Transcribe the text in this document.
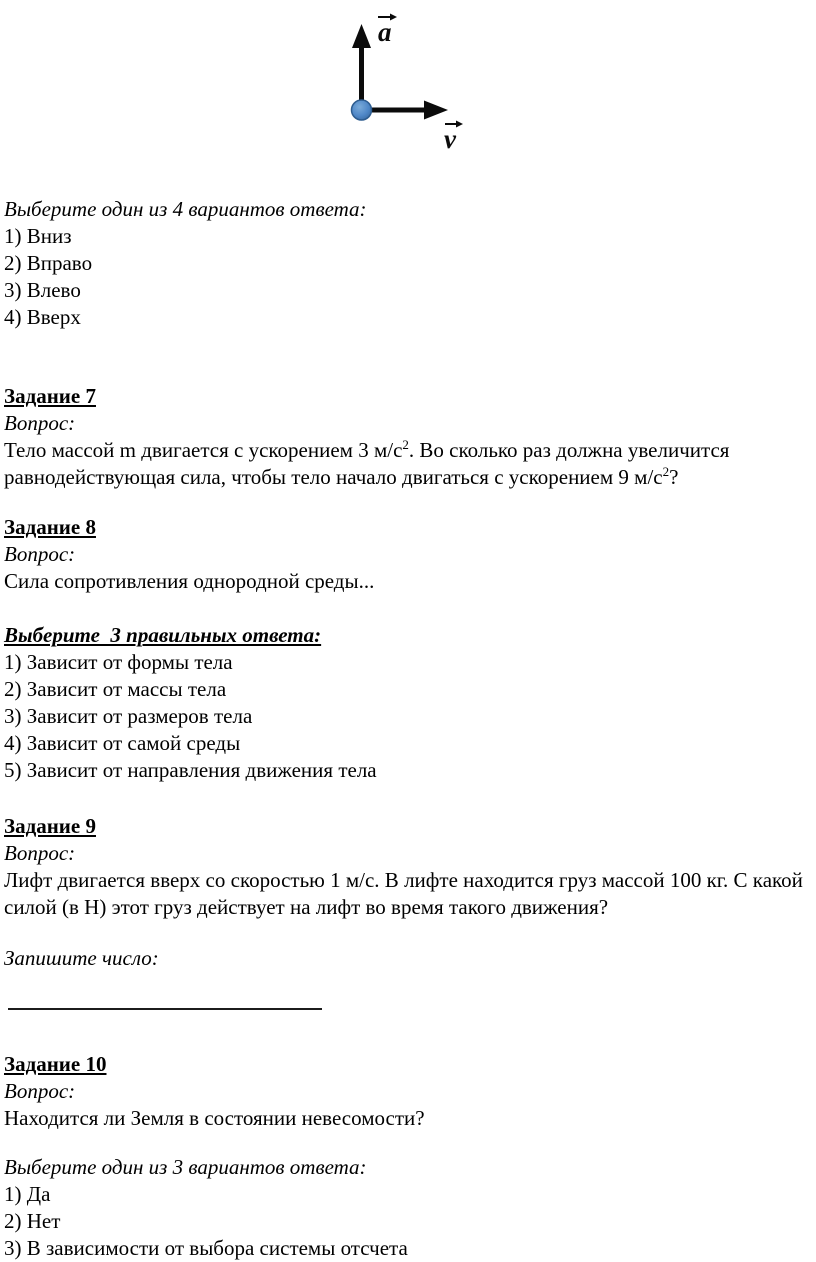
a
v
Выберите один из 4 вариантов ответа:
1) Вниз
2) Вправо
3) Влево
4) Вверх
Задание 7
Вопрос:
Тело массой m двигается с ускорением 3 $м/с^2$. Во сколько раз должна увеличится равнодействующая сила, чтобы тело начало двигаться с ускорением 9 $м/с^2$?
Задание 8
Вопрос:
Сила сопротивления однородной среды...
Выберите  3 правильных ответа:
1) Зависит от формы тела
2) Зависит от массы тела
3) Зависит от размеров тела
4) Зависит от самой среды
5) Зависит от направления движения тела
Задание 9
Вопрос:
Лифт двигается вверх со скоростью 1 м/с. В лифте находится груз массой 100 кг. С какой силой (в Н) этот груз действует на лифт во время такого движения?
Запишите число:
Задание 10
Вопрос:
Находится ли Земля в состоянии невесомости?
Выберите один из 3 вариантов ответа:
1) Да
2) Нет
3) В зависимости от выбора системы отсчета
